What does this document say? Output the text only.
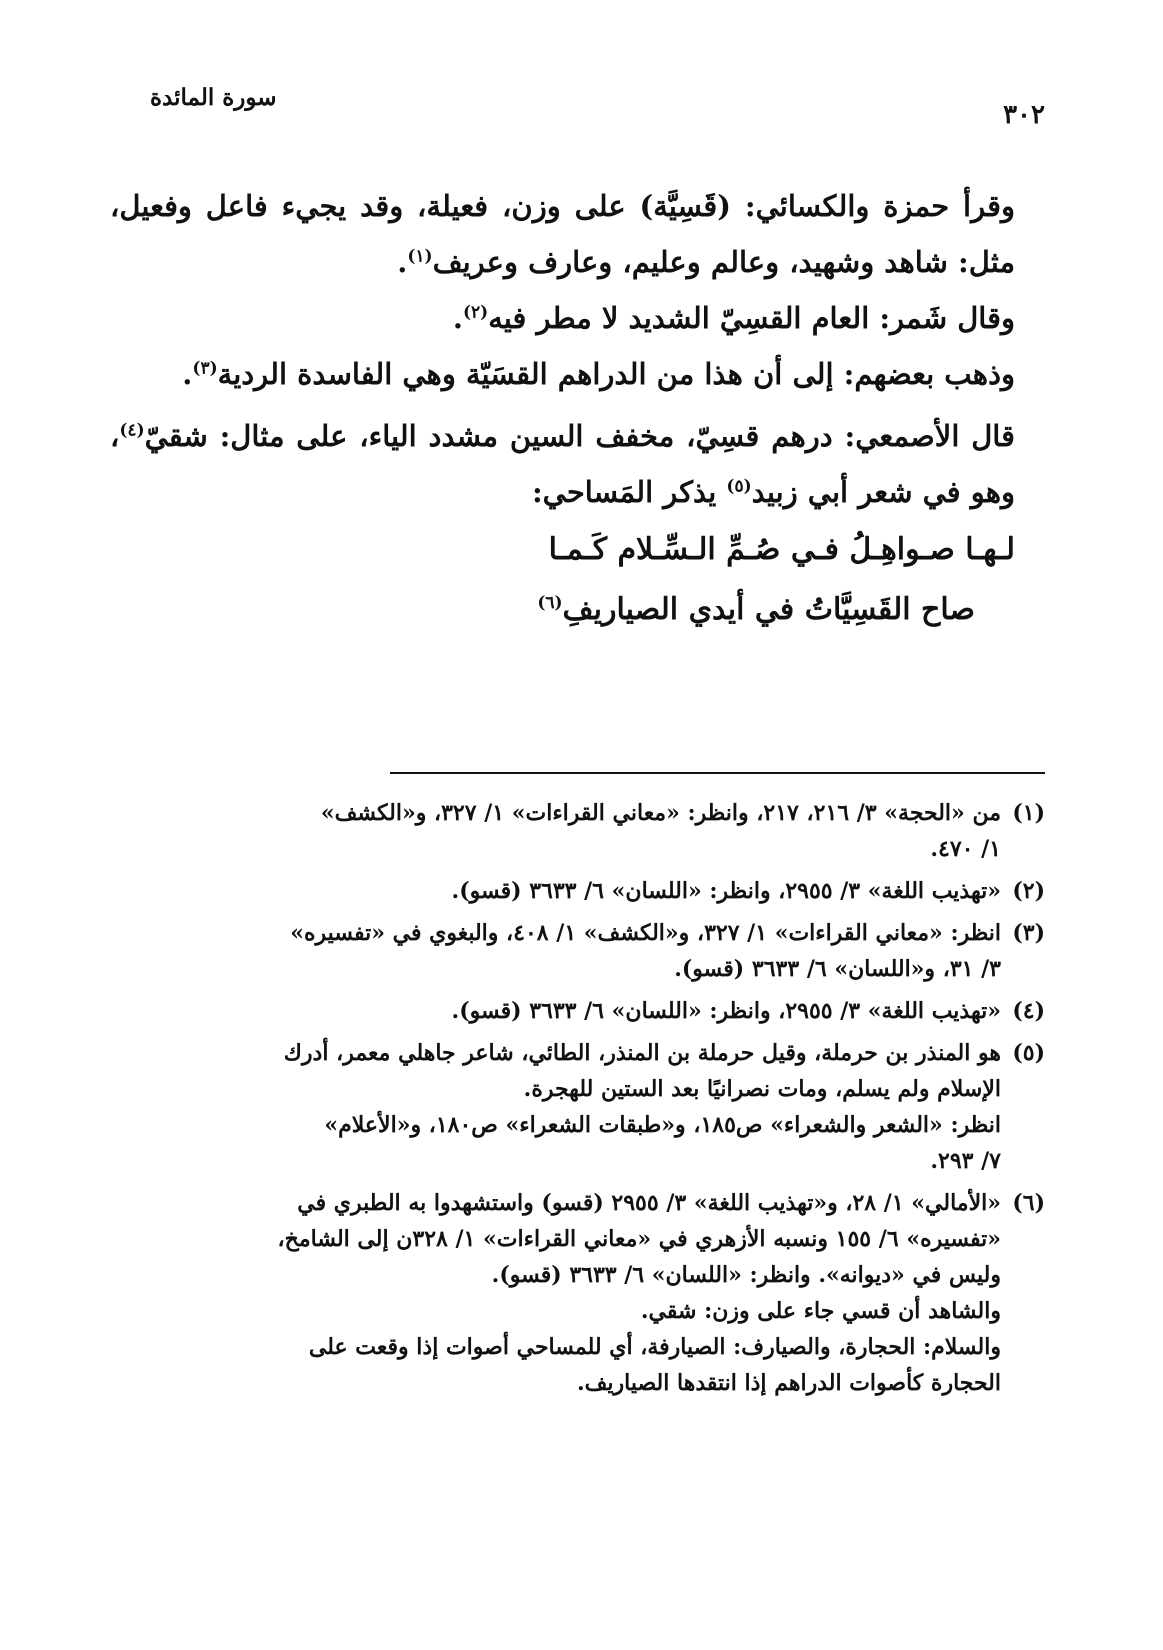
٣٠٢
سورة المائدة

وقرأ حمزة والكسائي: (قَسِيَّة) على وزن، فعيلة، وقد يجيء فاعل وفعيل، مثل: شاهد وشهيد، وعالم وعليم، وعارف وعريف$^{(١)}$.

وقال شَمر: العام القسِيّ الشديد لا مطر فيه$^{(٢)}$.

وذهب بعضهم: إلى أن هذا من الدراهم القسَيّة وهي الفاسدة الردية$^{(٣)}$.

قال الأصمعي: درهم قسِيّ، مخفف السين مشدد الياء، على مثال: شقيّ$^{(٤)}$، وهو في شعر أبي زبيد$^{(٥)}$ يذكر المَساحي:

لـهـا صـواهِـلُ فـي صُـمِّ الـسِّـلام كَـمـا

صاح القَسِيَّاتُ في أيدي الصياريفِ$^{(٦)}$

(١)

من «الحجة» ٣/ ٢١٦، ٢١٧، وانظر: «معاني القراءات» ١/ ٣٢٧، و«الكشف»

١/ ٤٧٠.

(٢)

«تهذيب اللغة» ٣/ ٢٩٥٥، وانظر: «اللسان» ٦/ ٣٦٣٣ (قسو).

(٣)

انظر: «معاني القراءات» ١/ ٣٢٧، و«الكشف» ١/ ٤٠٨، والبغوي في «تفسيره»

٣/ ٣١، و«اللسان» ٦/ ٣٦٣٣ (قسو).

(٤)

«تهذيب اللغة» ٣/ ٢٩٥٥، وانظر: «اللسان» ٦/ ٣٦٣٣ (قسو).

(٥)

هو المنذر بن حرملة، وقيل حرملة بن المنذر، الطائي، شاعر جاهلي معمر، أدرك

الإسلام ولم يسلم، ومات نصرانيًا بعد الستين للهجرة.

انظر: «الشعر والشعراء» ص١٨٥، و«طبقات الشعراء» ص١٨٠، و«الأعلام»

٧/ ٢٩٣.

(٦)

«الأمالي» ١/ ٢٨، و«تهذيب اللغة» ٣/ ٢٩٥٥ (قسو) واستشهدوا به الطبري في

«تفسيره» ٦/ ١٥٥ ونسبه الأزهري في «معاني القراءات» ١/ ٣٢٨ن إلى الشامخ،

وليس في «ديوانه». وانظر: «اللسان» ٦/ ٣٦٣٣ (قسو).

والشاهد أن قسي جاء على وزن: شقي.

والسلام: الحجارة، والصيارف: الصيارفة، أي للمساحي أصوات إذا وقعت على

الحجارة كأصوات الدراهم إذا انتقدها الصياريف.
